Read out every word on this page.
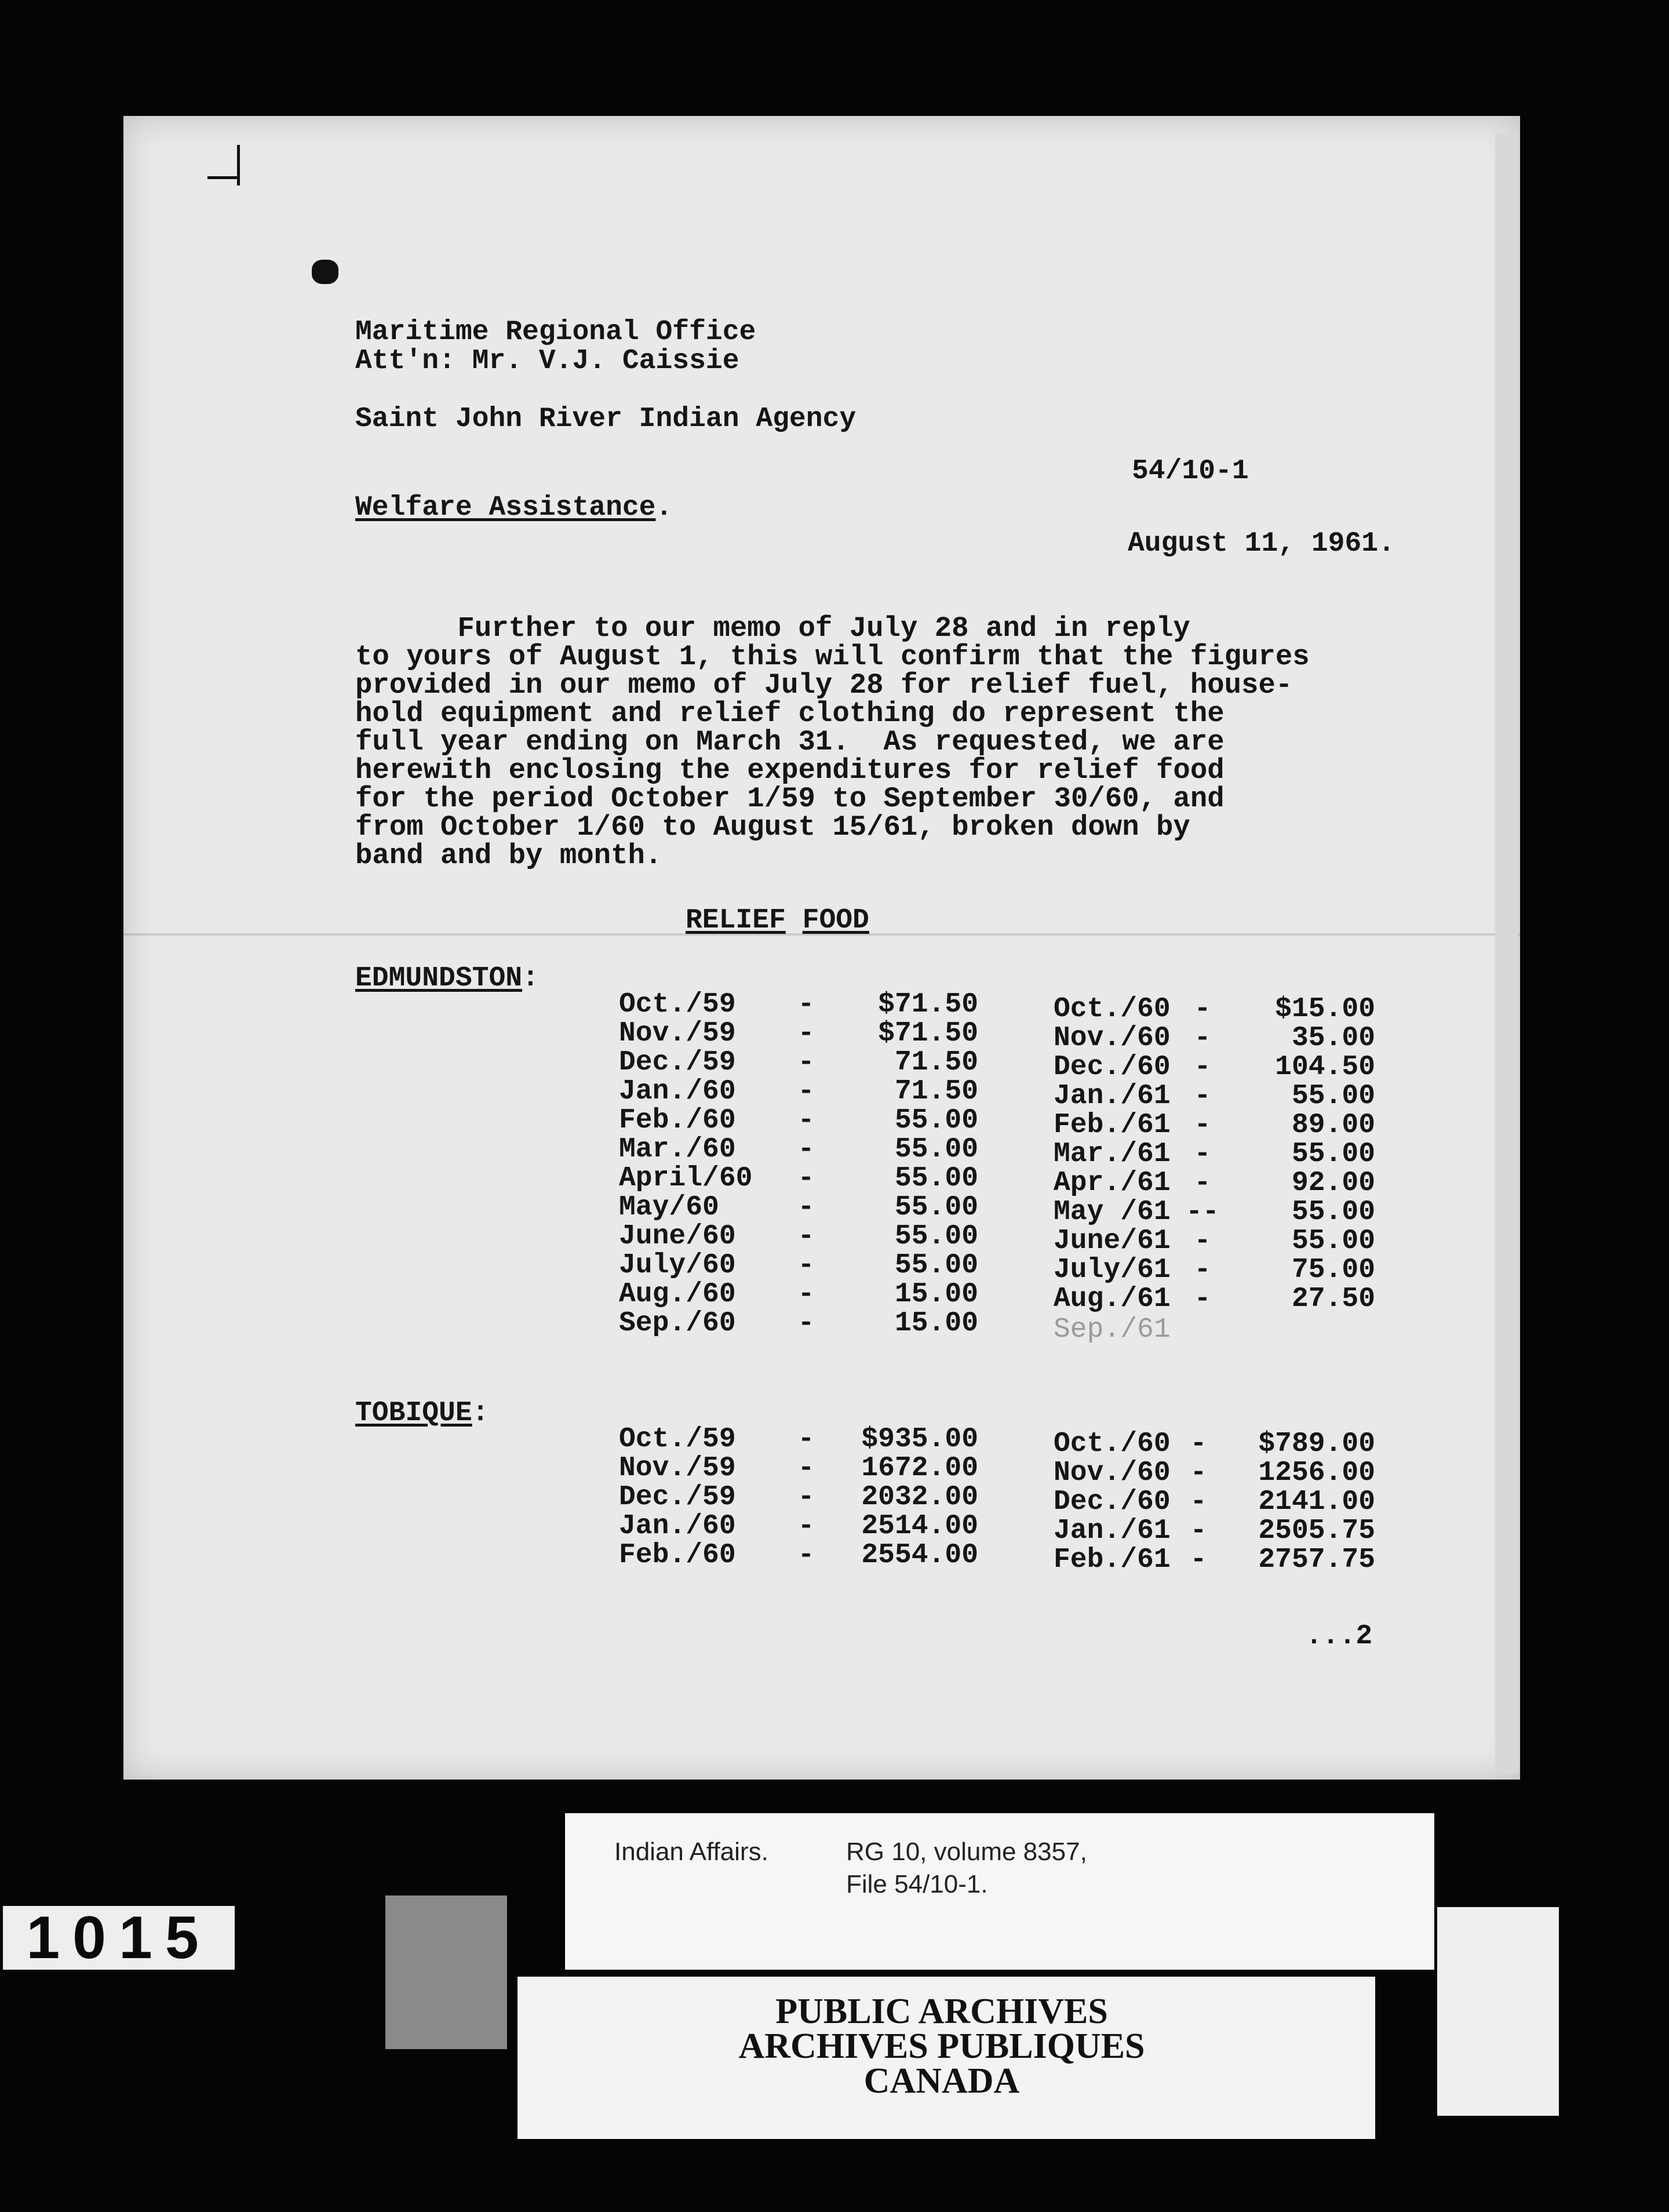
Maritime Regional Office
Att'n: Mr. V.J. Caissie
Saint John River Indian Agency
54/10-1
Welfare Assistance.
August 11, 1961.
Further to our memo of July 28 and in reply
to yours of August 1, this will confirm that the figures
provided in our memo of July 28 for relief fuel, house-
hold equipment and relief clothing do represent the
full year ending on March 31.  As requested, we are
herewith enclosing the expenditures for relief food
for the period October 1/59 to September 30/60, and
from October 1/60 to August 15/61, broken down by
band and by month.
RELIEF FOOD
EDMUNDSTON:
Oct./59
Nov./59
Dec./59
Jan./60
Feb./60
Mar./60
April/60
May/60
June/60
July/60
Aug./60
Sep./60
-
-
-
-
-
-
-
-
-
-
-
-
$71.50
$71.50
71.50
71.50
55.00
55.00
55.00
55.00
55.00
55.00
15.00
15.00
Oct./60
Nov./60
Dec./60
Jan./61
Feb./61
Mar./61
Apr./61
May /61
June/61
July/61
Aug./61
-
-
-
-
-
-
-
--
-
-
-
$15.00
35.00
104.50
55.00
89.00
55.00
92.00
55.00
55.00
75.00
27.50
Sep./61
TOBIQUE:
Oct./59
Nov./59
Dec./59
Jan./60
Feb./60
-
-
-
-
-
$935.00
1672.00
2032.00
2514.00
2554.00
Oct./60
Nov./60
Dec./60
Jan./61
Feb./61
-
-
-
-
-
$789.00
1256.00
2141.00
2505.75
2757.75
...2
Indian Affairs.	RG 10, volume 8357,
File 54/10-1.
PUBLIC ARCHIVES
ARCHIVES PUBLIQUES
CANADA
1015
